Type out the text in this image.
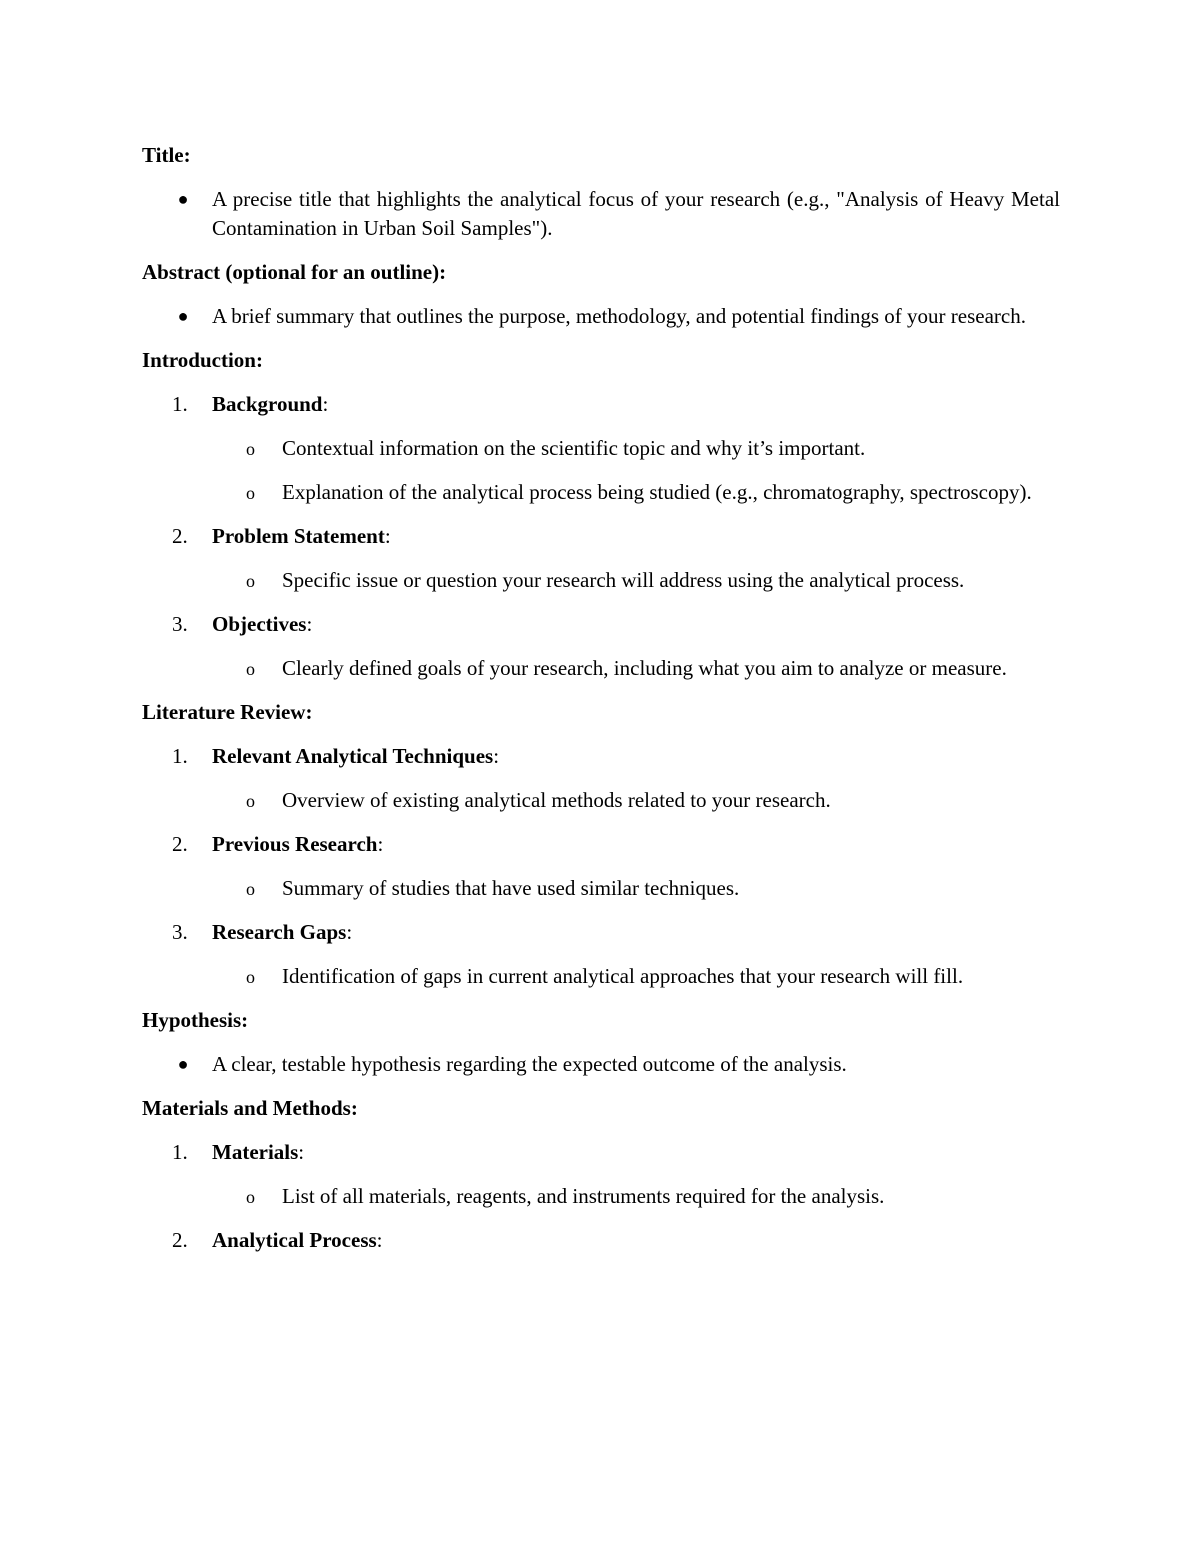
Title:
● A precise title that highlights the analytical focus of your research (e.g., "Analysis of Heavy Metal Contamination in Urban Soil Samples").
Abstract (optional for an outline):
● A brief summary that outlines the purpose, methodology, and potential findings of your research.
Introduction:
1.	Background:
o Contextual information on the scientific topic and why it’s important.
o Explanation of the analytical process being studied (e.g., chromatography, spectroscopy).
2.	Problem Statement:
o Specific issue or question your research will address using the analytical process.
3.	Objectives:
o Clearly defined goals of your research, including what you aim to analyze or measure.
Literature Review:
1.	Relevant Analytical Techniques:
o Overview of existing analytical methods related to your research.
2.	Previous Research:
o Summary of studies that have used similar techniques.
3.	Research Gaps:
o Identification of gaps in current analytical approaches that your research will fill.
Hypothesis:
● A clear, testable hypothesis regarding the expected outcome of the analysis.
Materials and Methods:
1.	Materials:
o List of all materials, reagents, and instruments required for the analysis.
2.	Analytical Process:
